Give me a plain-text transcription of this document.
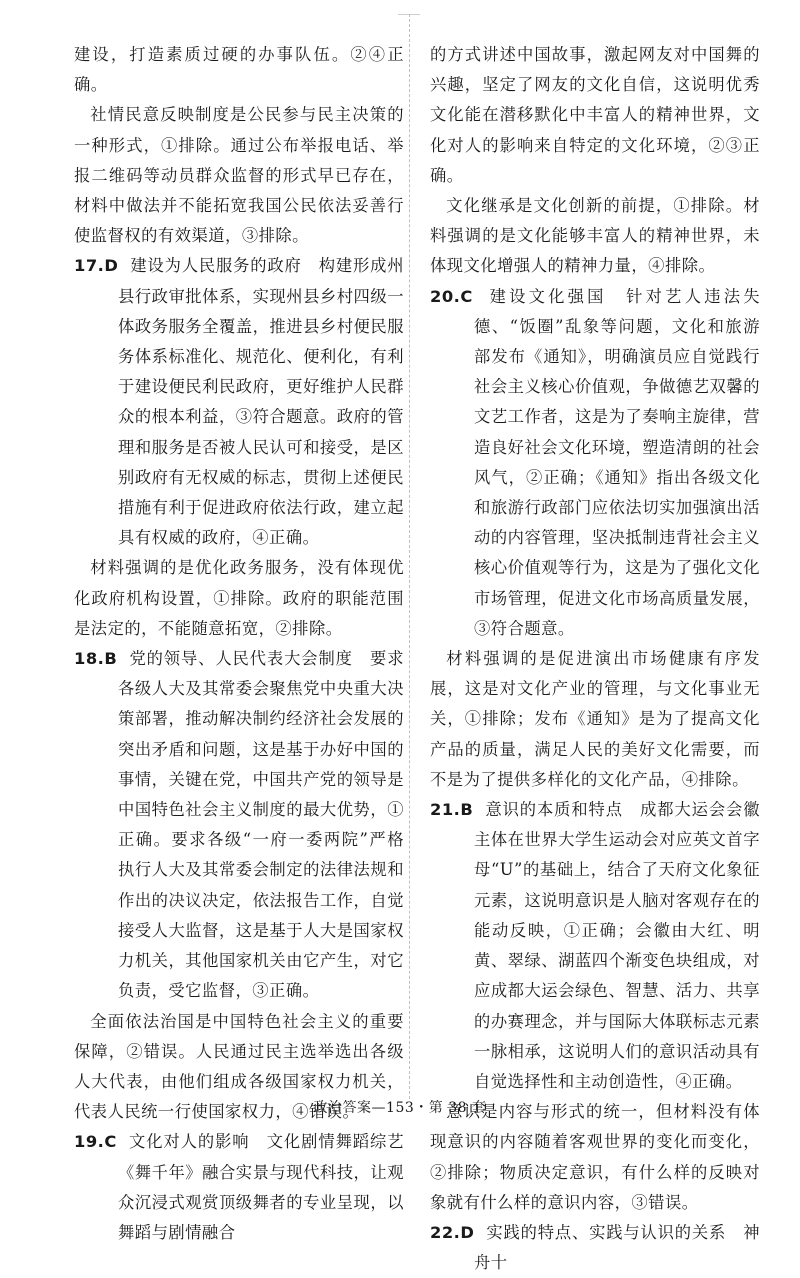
建设，打造素质过硬的办事队伍。②④正确。

社情民意反映制度是公民参与民主决策的一种形式，①排除。通过公布举报电话、举报二维码等动员群众监督的形式早已存在，材料中做法并不能拓宽我国公民依法妥善行使监督权的有效渠道，③排除。

17.D 建设为人民服务的政府　构建形成州县行政审批体系，实现州县乡村四级一体政务服务全覆盖，推进县乡村便民服务体系标准化、规范化、便利化，有利于建设便民利民政府，更好维护人民群众的根本利益，③符合题意。政府的管理和服务是否被人民认可和接受，是区别政府有无权威的标志，贯彻上述便民措施有利于促进政府依法行政，建立起具有权威的政府，④正确。

材料强调的是优化政务服务，没有体现优化政府机构设置，①排除。政府的职能范围是法定的，不能随意拓宽，②排除。

18.B 党的领导、人民代表大会制度　要求各级人大及其常委会聚焦党中央重大决策部署，推动解决制约经济社会发展的突出矛盾和问题，这是基于办好中国的事情，关键在党，中国共产党的领导是中国特色社会主义制度的最大优势，①正确。要求各级“一府一委两院”严格执行人大及其常委会制定的法律法规和作出的决议决定，依法报告工作，自觉接受人大监督，这是基于人大是国家权力机关，其他国家机关由它产生，对它负责，受它监督，③正确。

全面依法治国是中国特色社会主义的重要保障，②错误。人民通过民主选举选出各级人大代表，由他们组成各级国家权力机关，代表人民统一行使国家权力，④错误。

19.C 文化对人的影响　文化剧情舞蹈综艺《舞千年》融合实景与现代科技，让观众沉浸式观赏顶级舞者的专业呈现，以舞蹈与剧情融合

的方式讲述中国故事，激起网友对中国舞的兴趣，坚定了网友的文化自信，这说明优秀文化能在潜移默化中丰富人的精神世界，文化对人的影响来自特定的文化环境，②③正确。

文化继承是文化创新的前提，①排除。材料强调的是文化能够丰富人的精神世界，未体现文化增强人的精神力量，④排除。

20.C 建设文化强国　针对艺人违法失德、“饭圈”乱象等问题，文化和旅游部发布《通知》，明确演员应自觉践行社会主义核心价值观，争做德艺双馨的文艺工作者，这是为了奏响主旋律，营造良好社会文化环境，塑造清朗的社会风气，②正确；《通知》指出各级文化和旅游行政部门应依法切实加强演出活动的内容管理，坚决抵制违背社会主义核心价值观等行为，这是为了强化文化市场管理，促进文化市场高质量发展，③符合题意。

材料强调的是促进演出市场健康有序发展，这是对文化产业的管理，与文化事业无关，①排除；发布《通知》是为了提高文化产品的质量，满足人民的美好文化需要，而不是为了提供多样化的文化产品，④排除。

21.B 意识的本质和特点　成都大运会会徽主体在世界大学生运动会对应英文首字母“U”的基础上，结合了天府文化象征元素，这说明意识是人脑对客观存在的能动反映，①正确；会徽由大红、明黄、翠绿、湖蓝四个渐变色块组成，对应成都大运会绿色、智慧、活力、共享的办赛理念，并与国际大体联标志元素一脉相承，这说明人们的意识活动具有自觉选择性和主动创造性，④正确。

意识是内容与形式的统一，但材料没有体现意识的内容随着客观世界的变化而变化，②排除；物质决定意识，有什么样的反映对象就有什么样的意识内容，③错误。

22.D 实践的特点、实践与认识的关系　神舟十

政治答案—153・第 38 套
